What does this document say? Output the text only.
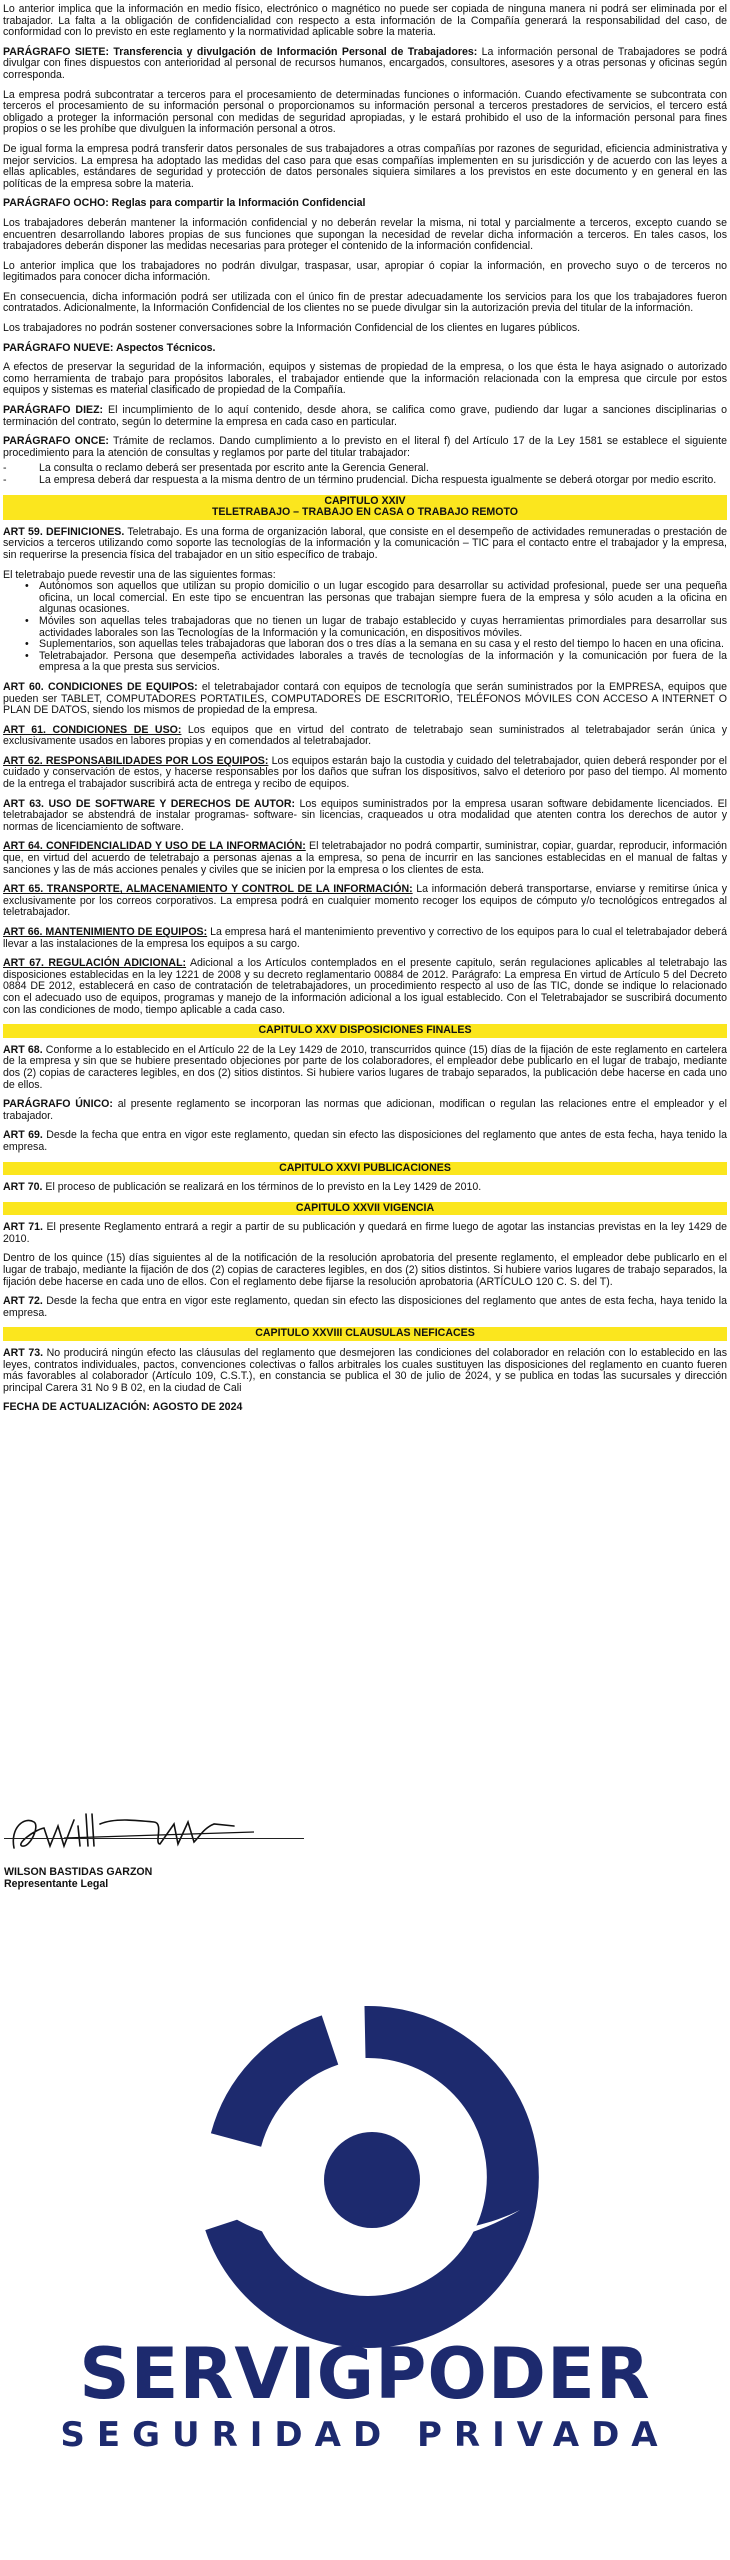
Lo anterior implica que la información en medio físico, electrónico o magnético no puede ser copiada de ninguna manera ni podrá ser eliminada por el trabajador. La falta a la obligación de confidencialidad con respecto a esta información de la Compañía generará la responsabilidad del caso, de conformidad con lo previsto en este reglamento y la normatividad aplicable sobre la materia.

PARÁGRAFO SIETE: Transferencia y divulgación de Información Personal de Trabajadores: La información personal de Trabajadores se podrá divulgar con fines dispuestos con anterioridad al personal de recursos humanos, encargados, consultores, asesores y a otras personas y oficinas según corresponda.

La empresa podrá subcontratar a terceros para el procesamiento de determinadas funciones o información. Cuando efectivamente se subcontrata con terceros el procesamiento de su información personal o proporcionamos su información personal a terceros prestadores de servicios, el tercero está obligado a proteger la información personal con medidas de seguridad apropiadas, y le estará prohibido el uso de la información personal para fines propios o se les prohíbe que divulguen la información personal a otros.

De igual forma la empresa podrá transferir datos personales de sus trabajadores a otras compañías por razones de seguridad, eficiencia administrativa y mejor servicios. La empresa ha adoptado las medidas del caso para que esas compañías implementen en su jurisdicción y de acuerdo con las leyes a ellas aplicables, estándares de seguridad y protección de datos personales siquiera similares a los previstos en este documento y en general en las políticas de la empresa sobre la materia.

PARÁGRAFO OCHO: Reglas para compartir la Información Confidencial

Los trabajadores deberán mantener la información confidencial y no deberán revelar la misma, ni total y parcialmente a terceros, excepto cuando se encuentren desarrollando labores propias de sus funciones que supongan la necesidad de revelar dicha información a terceros. En tales casos, los trabajadores deberán disponer las medidas necesarias para proteger el contenido de la información confidencial.

Lo anterior implica que los trabajadores no podrán divulgar, traspasar, usar, apropiar ó copiar la información, en provecho suyo o de terceros no legitimados para conocer dicha información.

En consecuencia, dicha información podrá ser utilizada con el único fin de prestar adecuadamente los servicios para los que los trabajadores fueron contratados. Adicionalmente, la Información Confidencial de los clientes no se puede divulgar sin la autorización previa del titular de la información.

Los trabajadores no podrán sostener conversaciones sobre la Información Confidencial de los clientes en lugares públicos.

PARÁGRAFO NUEVE: Aspectos Técnicos.

A efectos de preservar la seguridad de la información, equipos y sistemas de propiedad de la empresa, o los que ésta le haya asignado o autorizado como herramienta de trabajo para propósitos laborales, el trabajador entiende que la información relacionada con la empresa que circule por estos equipos y sistemas es material clasificado de propiedad de la Compañía.

PARÁGRAFO DIEZ: El incumplimiento de lo aquí contenido, desde ahora, se califica como grave, pudiendo dar lugar a sanciones disciplinarias o terminación del contrato, según lo determine la empresa en cada caso en particular.

PARÁGRAFO ONCE: Trámite de reclamos. Dando cumplimiento a lo previsto en el literal f) del Artículo 17 de la Ley 1581 se establece el siguiente procedimiento para la atención de consultas y reglamos por parte del titular trabajador:

- La consulta o reclamo deberá ser presentada por escrito ante la Gerencia General.
- La empresa deberá dar respuesta a la misma dentro de un término prudencial. Dicha respuesta igualmente se deberá otorgar por medio escrito.
CAPITULO XXIV
TELETRABAJO – TRABAJO EN CASA O TRABAJO REMOTO

ART 59. DEFINICIONES. Teletrabajo. Es una forma de organización laboral, que consiste en el desempeño de actividades remuneradas o prestación de servicios a terceros utilizando como soporte las tecnologías de la información y la comunicación – TIC para el contacto entre el trabajador y la empresa, sin requerirse la presencia física del trabajador en un sitio específico de trabajo.

El teletrabajo puede revestir una de las siguientes formas:

• Autónomos son aquellos que utilizan su propio domicilio o un lugar escogido para desarrollar su actividad profesional, puede ser una pequeña oficina, un local comercial. En este tipo se encuentran las personas que trabajan siempre fuera de la empresa y sólo acuden a la oficina en algunas ocasiones.
• Móviles son aquellas teles trabajadoras que no tienen un lugar de trabajo establecido y cuyas herramientas primordiales para desarrollar sus actividades laborales son las Tecnologías de la Información y la comunicación, en dispositivos móviles.
• Suplementarios, son aquellas teles trabajadoras que laboran dos o tres días a la semana en su casa y el resto del tiempo lo hacen en una oficina.
• Teletrabajador. Persona que desempeña actividades laborales a través de tecnologías de la información y la comunicación por fuera de la empresa a la que presta sus servicios.

ART 60. CONDICIONES DE EQUIPOS: el teletrabajador contará con equipos de tecnología que serán suministrados por la EMPRESA, equipos que pueden ser TABLET, COMPUTADORES PORTATILES, COMPUTADORES DE ESCRITORIO, TELÉFONOS MÓVILES CON ACCESO A INTERNET O PLAN DE DATOS, siendo los mismos de propiedad de la empresa.

ART 61. CONDICIONES DE USO: Los equipos que en virtud del contrato de teletrabajo sean suministrados al teletrabajador serán única y exclusivamente usados en labores propias y en comendados al teletrabajador.

ART 62. RESPONSABILIDADES POR LOS EQUIPOS: Los equipos estarán bajo la custodia y cuidado del teletrabajador, quien deberá responder por el cuidado y conservación de estos, y hacerse responsables por los daños que sufran los dispositivos, salvo el deterioro por paso del tiempo. Al momento de la entrega el trabajador suscribirá acta de entrega y recibo de equipos.

ART 63. USO DE SOFTWARE Y DERECHOS DE AUTOR: Los equipos suministrados por la empresa usaran software debidamente licenciados. El teletrabajador se abstendrá de instalar programas- software- sin licencias, craqueados u otra modalidad que atenten contra los derechos de autor y normas de licenciamiento de software.

ART 64. CONFIDENCIALIDAD Y USO DE LA INFORMACIÓN: El teletrabajador no podrá compartir, suministrar, copiar, guardar, reproducir, información que, en virtud del acuerdo de teletrabajo a personas ajenas a la empresa, so pena de incurrir en las sanciones establecidas en el manual de faltas y sanciones y las de más acciones penales y civiles que se inicien por la empresa o los clientes de esta.

ART 65. TRANSPORTE, ALMACENAMIENTO Y CONTROL DE LA INFORMACIÓN: La información deberá transportarse, enviarse y remitirse única y exclusivamente por los correos corporativos. La empresa podrá en cualquier momento recoger los equipos de cómputo y/o tecnológicos entregados al teletrabajador.

ART 66. MANTENIMIENTO DE EQUIPOS: La empresa hará el mantenimiento preventivo y correctivo de los equipos para lo cual el teletrabajador deberá llevar a las instalaciones de la empresa los equipos a su cargo.

ART 67. REGULACIÓN ADICIONAL: Adicional a los Artículos contemplados en el presente capitulo, serán regulaciones aplicables al teletrabajo las disposiciones establecidas en la ley 1221 de 2008 y su decreto reglamentario 00884 de 2012. Parágrafo: La empresa En virtud de Artículo 5 del Decreto 0884 DE 2012, establecerá en caso de contratación de teletrabajadores, un procedimiento respecto al uso de las TIC, donde se indique lo relacionado con el adecuado uso de equipos, programas y manejo de la información adicional a los igual establecido. Con el Teletrabajador se suscribirá documento con las condiciones de modo, tiempo aplicable a cada caso.

CAPITULO XXV DISPOSICIONES FINALES

ART 68. Conforme a lo establecido en el Artículo 22 de la Ley 1429 de 2010, transcurridos quince (15) días de la fijación de este reglamento en cartelera de la empresa y sin que se hubiere presentado objeciones por parte de los colaboradores, el empleador debe publicarlo en el lugar de trabajo, mediante dos (2) copias de caracteres legibles, en dos (2) sitios distintos. Si hubiere varios lugares de trabajo separados, la publicación debe hacerse en cada uno de ellos.

PARÁGRAFO ÚNICO: al presente reglamento se incorporan las normas que adicionan, modifican o regulan las relaciones entre el empleador y el trabajador.

ART 69. Desde la fecha que entra en vigor este reglamento, quedan sin efecto las disposiciones del reglamento que antes de esta fecha, haya tenido la empresa.

CAPITULO XXVI PUBLICACIONES

ART 70. El proceso de publicación se realizará en los términos de lo previsto en la Ley 1429 de 2010.

CAPITULO XXVII VIGENCIA

ART 71. El presente Reglamento entrará a regir a partir de su publicación y quedará en firme luego de agotar las instancias previstas en la ley 1429 de 2010.

Dentro de los quince (15) días siguientes al de la notificación de la resolución aprobatoria del presente reglamento, el empleador debe publicarlo en el lugar de trabajo, mediante la fijación de dos (2) copias de caracteres legibles, en dos (2) sitios distintos. Si hubiere varios lugares de trabajo separados, la fijación debe hacerse en cada uno de ellos. Con el reglamento debe fijarse la resolución aprobatoria (ARTÍCULO 120 C. S. del T).

ART 72. Desde la fecha que entra en vigor este reglamento, quedan sin efecto las disposiciones del reglamento que antes de esta fecha, haya tenido la empresa.

CAPITULO XXVIII CLAUSULAS NEFICACES

ART 73. No producirá ningún efecto las cláusulas del reglamento que desmejoren las condiciones del colaborador en relación con lo establecido en las leyes, contratos individuales, pactos, convenciones colectivas o fallos arbitrales los cuales sustituyen las disposiciones del reglamento en cuanto fueren más favorables al colaborador (Artículo 109, C.S.T.), en constancia se publica el 30 de julio de 2024, y se publica en todas las sucursales y dirección principal Carera 31 No 9 B 02, en la ciudad de Cali

FECHA DE ACTUALIZACIÓN: AGOSTO DE 2024

WILSON BASTIDAS GARZON
Representante Legal
SERVIGPODER
SEGURIDAD PRIVADA
